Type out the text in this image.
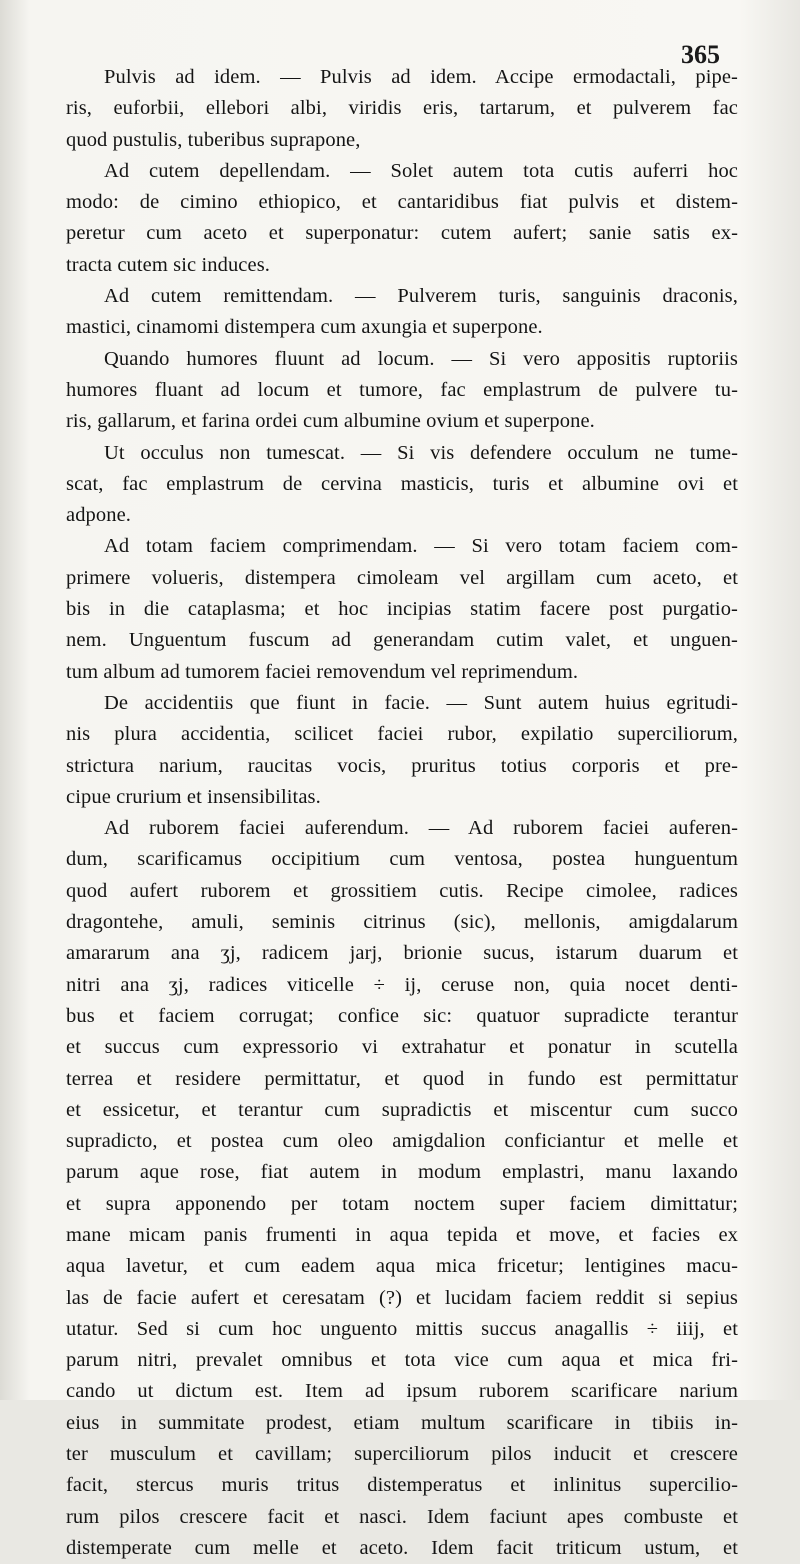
365
Pulvis ad idem. — Pulvis ad idem. Accipe ermodactali, pipe-
ris, euforbii, ellebori albi, viridis eris, tartarum, et pulverem fac
quod pustulis, tuberibus suprapone,
Ad cutem depellendam. — Solet autem tota cutis auferri hoc
modo: de cimino ethiopico, et cantaridibus fiat pulvis et distem-
peretur cum aceto et superponatur: cutem aufert; sanie satis ex-
tracta cutem sic induces.
Ad cutem remittendam. — Pulverem turis, sanguinis draconis,
mastici, cinamomi distempera cum axungia et superpone.
Quando humores fluunt ad locum. — Si vero appositis ruptoriis
humores fluant ad locum et tumore, fac emplastrum de pulvere tu-
ris, gallarum, et farina ordei cum albumine ovium et superpone.
Ut occulus non tumescat. — Si vis defendere occulum ne tume-
scat, fac emplastrum de cervina masticis, turis et albumine ovi et
adpone.
Ad totam faciem comprimendam. — Si vero totam faciem com-
primere volueris, distempera cimoleam vel argillam cum aceto, et
bis in die cataplasma; et hoc incipias statim facere post purgatio-
nem. Unguentum fuscum ad generandam cutim valet, et unguen-
tum album ad tumorem faciei removendum vel reprimendum.
De accidentiis que fiunt in facie. — Sunt autem huius egritudi-
nis plura accidentia, scilicet faciei rubor, expilatio superciliorum,
strictura narium, raucitas vocis, pruritus totius corporis et pre-
cipue crurium et insensibilitas.
Ad ruborem faciei auferendum. — Ad ruborem faciei auferen-
dum, scarificamus occipitium cum ventosa, postea hunguentum
quod aufert ruborem et grossitiem cutis. Recipe cimolee, radices
dragontehe, amuli, seminis citrinus (sic), mellonis, amigdalarum
amararum ana ʒj, radicem jarj, brionie sucus, istarum duarum et
nitri ana ʒj, radices viticelle ÷ ij, ceruse non, quia nocet denti-
bus et faciem corrugat; confice sic: quatuor supradicte terantur
et succus cum expressorio vi extrahatur et ponatur in scutella
terrea et residere permittatur, et quod in fundo est permittatur
et essicetur, et terantur cum supradictis et miscentur cum succo
supradicto, et postea cum oleo amigdalion conficiantur et melle et
parum aque rose, fiat autem in modum emplastri, manu laxando
et supra apponendo per totam noctem super faciem dimittatur;
mane micam panis frumenti in aqua tepida et move, et facies ex
aqua lavetur, et cum eadem aqua mica fricetur; lentigines macu-
las de facie aufert et ceresatam (?) et lucidam faciem reddit si sepius
utatur. Sed si cum hoc unguento mittis succus anagallis ÷ iiij, et
parum nitri, prevalet omnibus et tota vice cum aqua et mica fri-
cando ut dictum est. Item ad ipsum ruborem scarificare narium
eius in summitate prodest, etiam multum scarificare in tibiis in-
ter musculum et cavillam; superciliorum pilos inducit et crescere
facit, stercus muris tritus distemperatus et inlinitus supercilio-
rum pilos crescere facit et nasci. Idem faciunt apes combuste et
distemperate cum melle et aceto. Idem facit triticum ustum, et
